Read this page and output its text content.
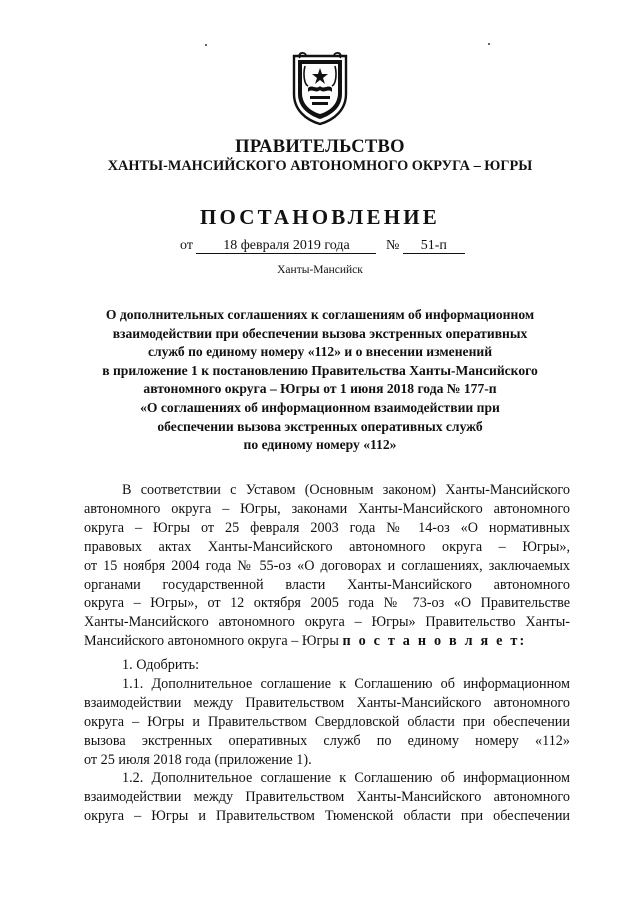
ПРАВИТЕЛЬСТВО
ХАНТЫ-МАНСИЙСКОГО АВТОНОМНОГО ОКРУГА – ЮГРЫ
ПОСТАНОВЛЕНИЕ
от 18 февраля 2019 года	№ 51-п
Ханты-Мансийск
О дополнительных соглашениях к соглашениям об информационном
взаимодействии при обеспечении вызова экстренных оперативных
служб по единому номеру «112» и о внесении изменений
в приложение 1 к постановлению Правительства Ханты-Мансийского
автономного округа – Югры от 1 июня 2018 года № 177-п
«О соглашениях об информационном взаимодействии при
обеспечении вызова экстренных оперативных служб
по единому номеру «112»
В соответствии с Уставом (Основным законом) Ханты-Мансийского
автономного округа – Югры, законами Ханты-Мансийского автономного
округа – Югры от 25 февраля 2003 года № 14-оз «О нормативных
правовых актах Ханты-Мансийского автономного округа – Югры»,
от 15 ноября 2004 года № 55-оз «О договорах и соглашениях, заключаемых
органами государственной власти Ханты-Мансийского автономного
округа – Югры», от 12 октября 2005 года № 73-оз «О Правительстве
Ханты-Мансийского автономного округа – Югры» Правительство Ханты-
Мансийского автономного округа – Югры п о с т а н о в л я е т:
1. Одобрить:
1.1. Дополнительное соглашение к Соглашению об информационном
взаимодействии между Правительством Ханты-Мансийского автономного
округа – Югры и Правительством Свердловской области при обеспечении
вызова экстренных оперативных служб по единому номеру «112»
от 25 июля 2018 года (приложение 1).
1.2. Дополнительное соглашение к Соглашению об информационном
взаимодействии между Правительством Ханты-Мансийского автономного
округа – Югры и Правительством Тюменской области при обеспечении
